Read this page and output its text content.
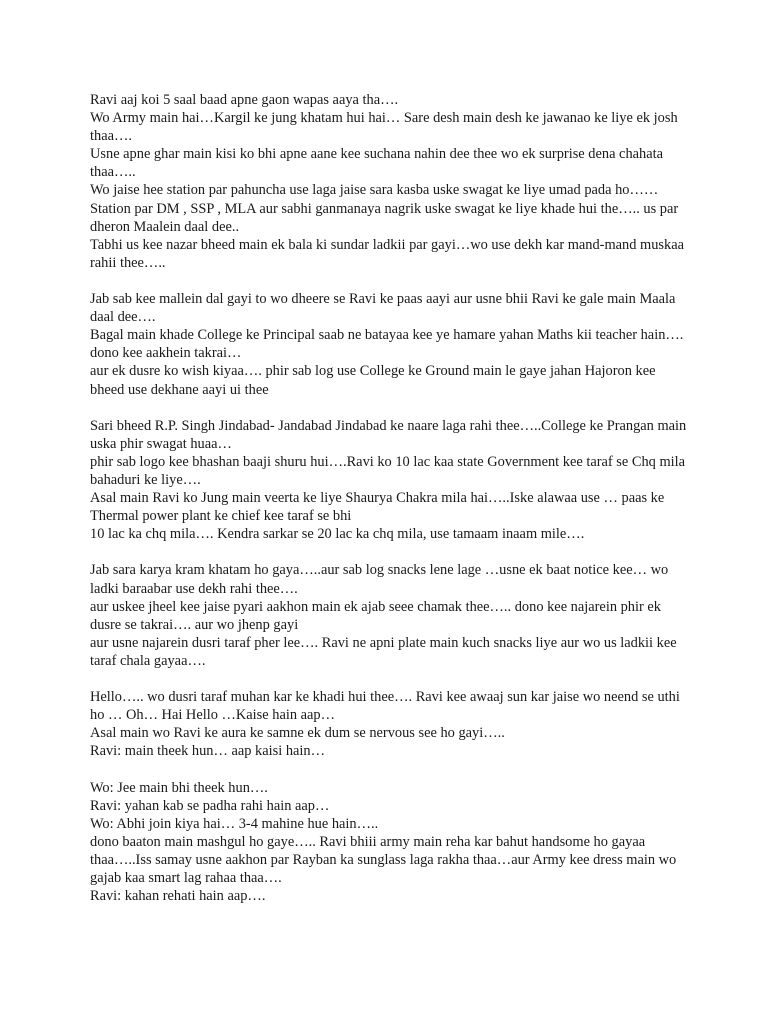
Ravi aaj koi 5 saal baad apne gaon wapas aaya tha….
Wo Army main hai…Kargil ke jung khatam hui hai… Sare desh main desh ke jawanao ke liye ek josh thaa….
Usne apne ghar main kisi ko bhi apne aane kee suchana nahin dee thee wo ek surprise dena chahata thaa…..
Wo jaise hee station par pahuncha use laga jaise sara kasba uske swagat ke liye umad pada ho……
Station par DM , SSP , MLA aur sabhi ganmanaya nagrik uske swagat ke liye khade hui the….. us par dheron Maalein daal dee..
Tabhi us kee nazar bheed main ek bala ki sundar ladkii par gayi…wo use dekh kar mand-mand muskaa rahii thee…..

Jab sab kee mallein dal gayi to wo dheere se Ravi ke paas aayi aur usne bhii Ravi ke gale main Maala daal dee….
Bagal main khade College ke Principal saab ne batayaa kee ye hamare yahan Maths kii teacher hain…. dono kee aakhein takrai…
aur ek dusre ko wish kiyaa…. phir sab log use College ke Ground main le gaye jahan Hajoron kee bheed use dekhane aayi ui thee

Sari bheed R.P. Singh Jindabad- Jandabad Jindabad ke naare laga rahi thee…..College ke Prangan main uska phir swagat huaa…
phir sab logo kee bhashan baaji shuru hui….Ravi ko 10 lac kaa state Government kee taraf se Chq mila bahaduri ke liye….
Asal main Ravi ko Jung main veerta ke liye Shaurya Chakra mila hai…..Iske alawaa use … paas ke Thermal power plant ke chief kee taraf se bhi
10 lac ka chq mila…. Kendra sarkar se 20 lac ka chq mila, use tamaam inaam mile….

Jab sara karya kram khatam ho gaya…..aur sab log snacks lene lage …usne ek baat notice kee… wo ladki baraabar use dekh rahi thee….
aur uskee jheel kee jaise pyari aakhon main ek ajab seee chamak thee….. dono kee najarein phir ek dusre se takrai…. aur wo jhenp gayi
aur usne najarein dusri taraf pher lee…. Ravi ne apni plate main kuch snacks liye aur wo us ladkii kee taraf chala gayaa….

Hello….. wo dusri taraf muhan kar ke khadi hui thee…. Ravi kee awaaj sun kar jaise wo neend se uthi ho … Oh… Hai Hello …Kaise hain aap…
Asal main wo Ravi ke aura ke samne ek dum se nervous see ho gayi…..
Ravi: main theek hun… aap kaisi hain…

Wo: Jee main bhi theek hun….
Ravi: yahan kab se padha rahi hain aap…
Wo: Abhi join kiya hai… 3-4 mahine hue hain…..
dono baaton main mashgul ho gaye….. Ravi bhiii army main reha kar bahut handsome ho gayaa thaa…..Iss samay usne aakhon par Rayban ka sunglass laga rakha thaa…aur Army kee dress main wo gajab kaa smart lag rahaa thaa….
Ravi: kahan rehati hain aap….
